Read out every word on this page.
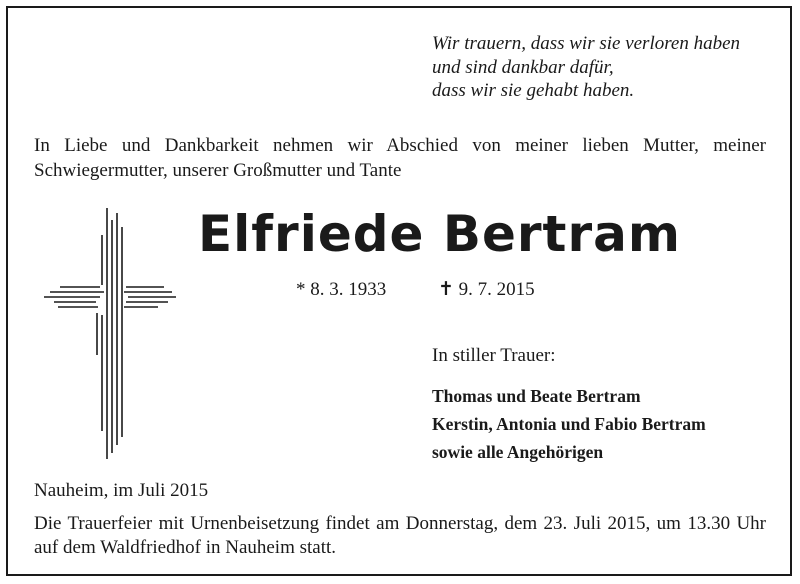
Wir trauern, dass wir sie verloren haben
und sind dankbar dafür,
dass wir sie gehabt haben.

In Liebe und Dankbarkeit nehmen wir Abschied von meiner lieben Mutter, meiner Schwiegermutter, unserer Großmutter und Tante

Elfriede Bertram
* 8. 3. 1933	✝ 9. 7. 2015
In stiller Trauer:
Thomas und Beate Bertram
Kerstin, Antonia und Fabio Bertram
sowie alle Angehörigen
Nauheim, im Juli 2015

Die Trauerfeier mit Urnenbeisetzung findet am Donnerstag, dem 23. Juli 2015, um 13.30 Uhr auf dem Waldfriedhof in Nauheim statt.
